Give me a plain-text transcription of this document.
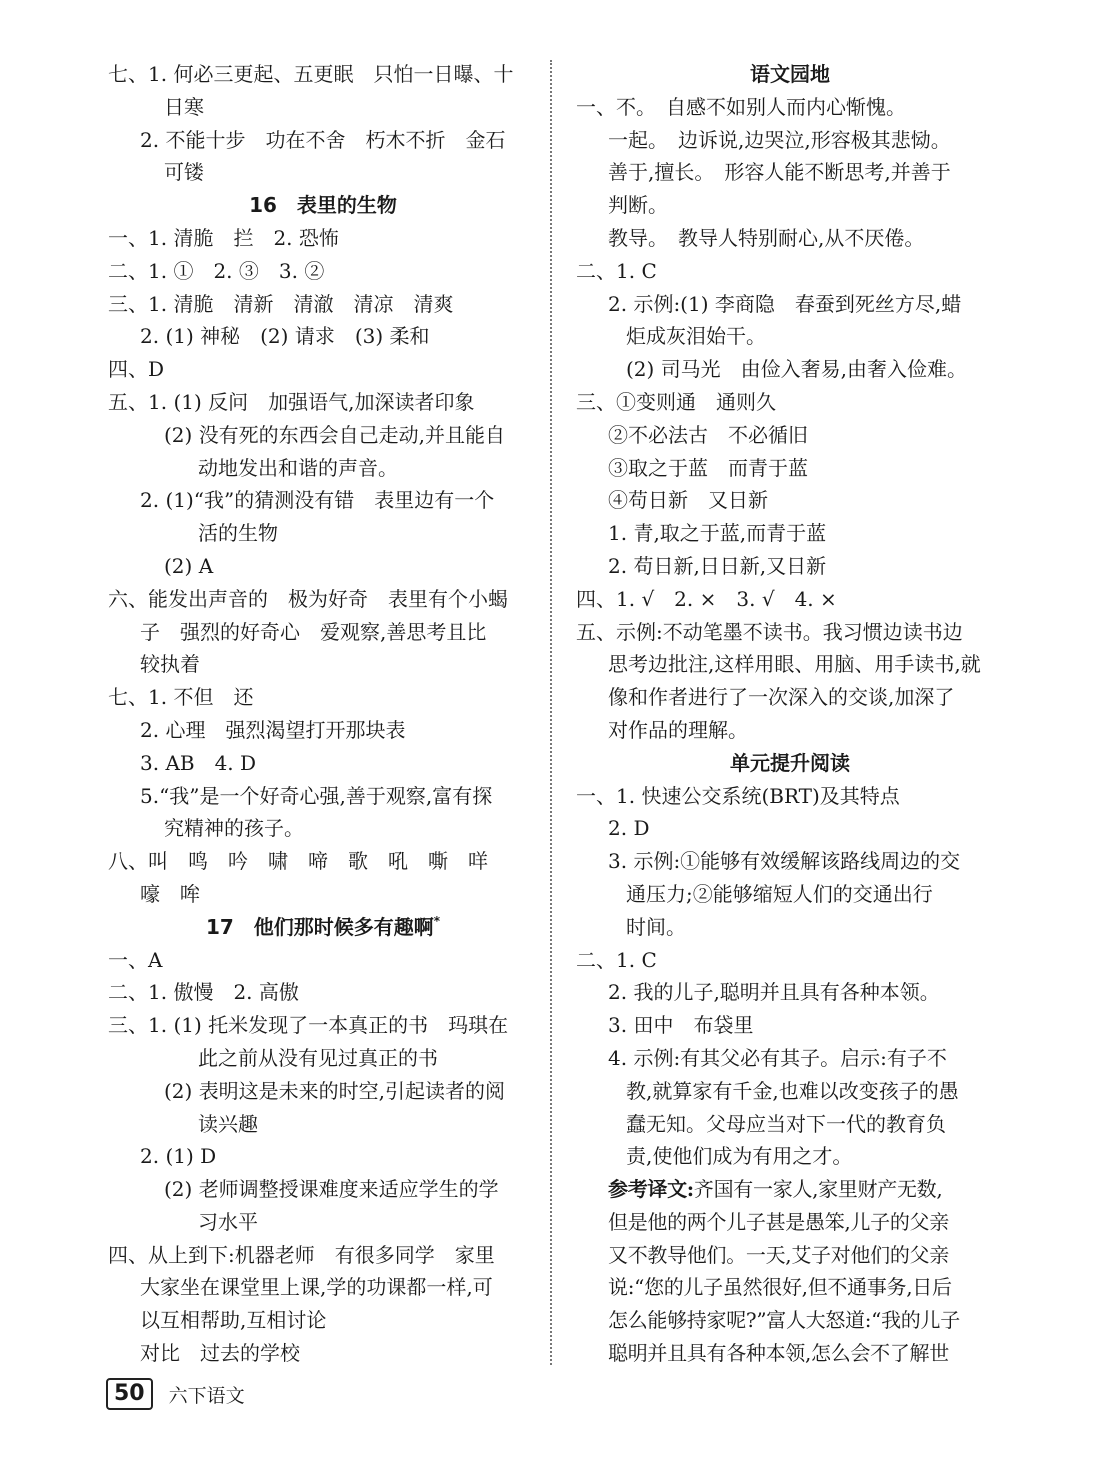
七、1. 何必三更起、五更眠　只怕一日曝、十
日寒
2. 不能十步　功在不舍　朽木不折　金石
可镂
16　表里的生物
一、1. 清脆　拦　2. 恐怖
二、1. ①　2. ③　3. ②
三、1. 清脆　清新　清澈　清凉　清爽
2. (1) 神秘　(2) 请求　(3) 柔和
四、D
五、1. (1) 反问　加强语气,加深读者印象
(2) 没有死的东西会自己走动,并且能自
动地发出和谐的声音。
2. (1)“我”的猜测没有错　表里边有一个
活的生物
(2) A
六、能发出声音的　极为好奇　表里有个小蝎
子　强烈的好奇心　爱观察,善思考且比
较执着
七、1. 不但　还
2. 心理　强烈渴望打开那块表
3. AB　4. D
5.“我”是一个好奇心强,善于观察,富有探
究精神的孩子。
八、叫　鸣　吟　啸　啼　歌　吼　嘶　咩
嚎　哞
17　他们那时候多有趣啊*
一、A
二、1. 傲慢　2. 高傲
三、1. (1) 托米发现了一本真正的书　玛琪在
此之前从没有见过真正的书
(2) 表明这是未来的时空,引起读者的阅
读兴趣
2. (1) D
(2) 老师调整授课难度来适应学生的学
习水平
四、从上到下:机器老师　有很多同学　家里
大家坐在课堂里上课,学的功课都一样,可
以互相帮助,互相讨论
对比　过去的学校
语文园地
一、不。　自感不如别人而内心惭愧。
一起。　边诉说,边哭泣,形容极其悲恸。
善于,擅长。　形容人能不断思考,并善于
判断。
教导。　教导人特别耐心,从不厌倦。
二、1. C
2. 示例:(1) 李商隐　春蚕到死丝方尽,蜡
炬成灰泪始干。
(2) 司马光　由俭入奢易,由奢入俭难。
三、①变则通　通则久
②不必法古　不必循旧
③取之于蓝　而青于蓝
④苟日新　又日新
1. 青,取之于蓝,而青于蓝
2. 苟日新,日日新,又日新
四、1. √　2. ×　3. √　4. ×
五、示例:不动笔墨不读书。我习惯边读书边
思考边批注,这样用眼、用脑、用手读书,就
像和作者进行了一次深入的交谈,加深了
对作品的理解。
单元提升阅读
一、1. 快速公交系统(BRT)及其特点
2. D
3. 示例:①能够有效缓解该路线周边的交
通压力;②能够缩短人们的交通出行
时间。
二、1. C
2. 我的儿子,聪明并且具有各种本领。
3. 田中　布袋里
4. 示例:有其父必有其子。启示:有子不
教,就算家有千金,也难以改变孩子的愚
蠢无知。父母应当对下一代的教育负
责,使他们成为有用之才。
参考译文:齐国有一家人,家里财产无数,
但是他的两个儿子甚是愚笨,儿子的父亲
又不教导他们。一天,艾子对他们的父亲
说:“您的儿子虽然很好,但不通事务,日后
怎么能够持家呢?”富人大怒道:“我的儿子
聪明并且具有各种本领,怎么会不了解世
50	六下语文
